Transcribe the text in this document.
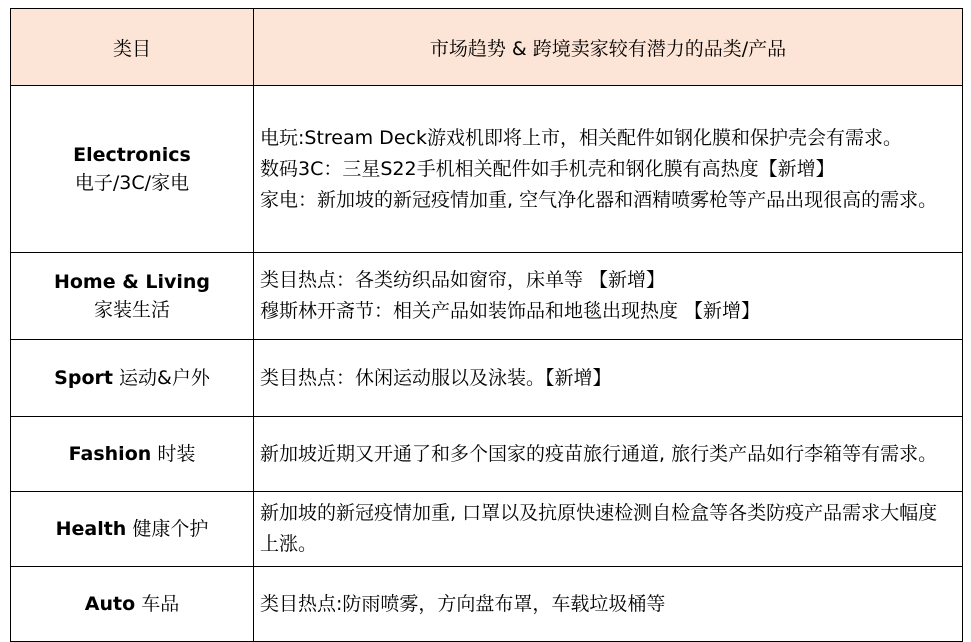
类目	市场趋势 & 跨境卖家较有潜力的品类/产品
Electronics
电子/3C/家电	电玩:Stream Deck游戏机即将上市，相关配件如钢化膜和保护壳会有需求。
数码3C：三星S22手机相关配件如手机壳和钢化膜有高热度【新增】
家电：新加坡的新冠疫情加重, 空气净化器和酒精喷雾枪等产品出现很高的需求。

Home & Living
家装生活	类目热点：各类纺织品如窗帘，床单等 【新增】
穆斯林开斋节：相关产品如装饰品和地毯出现热度 【新增】

Sport 运动&户外	类目热点：休闲运动服以及泳装。【新增】

Fashion 时装	新加坡近期又开通了和多个国家的疫苗旅行通道, 旅行类产品如行李箱等有需求。

Health 健康个护	新加坡的新冠疫情加重, 口罩以及抗原快速检测自检盒等各类防疫产品需求大幅度上涨。

Auto 车品	类目热点:防雨喷雾，方向盘布罩，车载垃圾桶等
